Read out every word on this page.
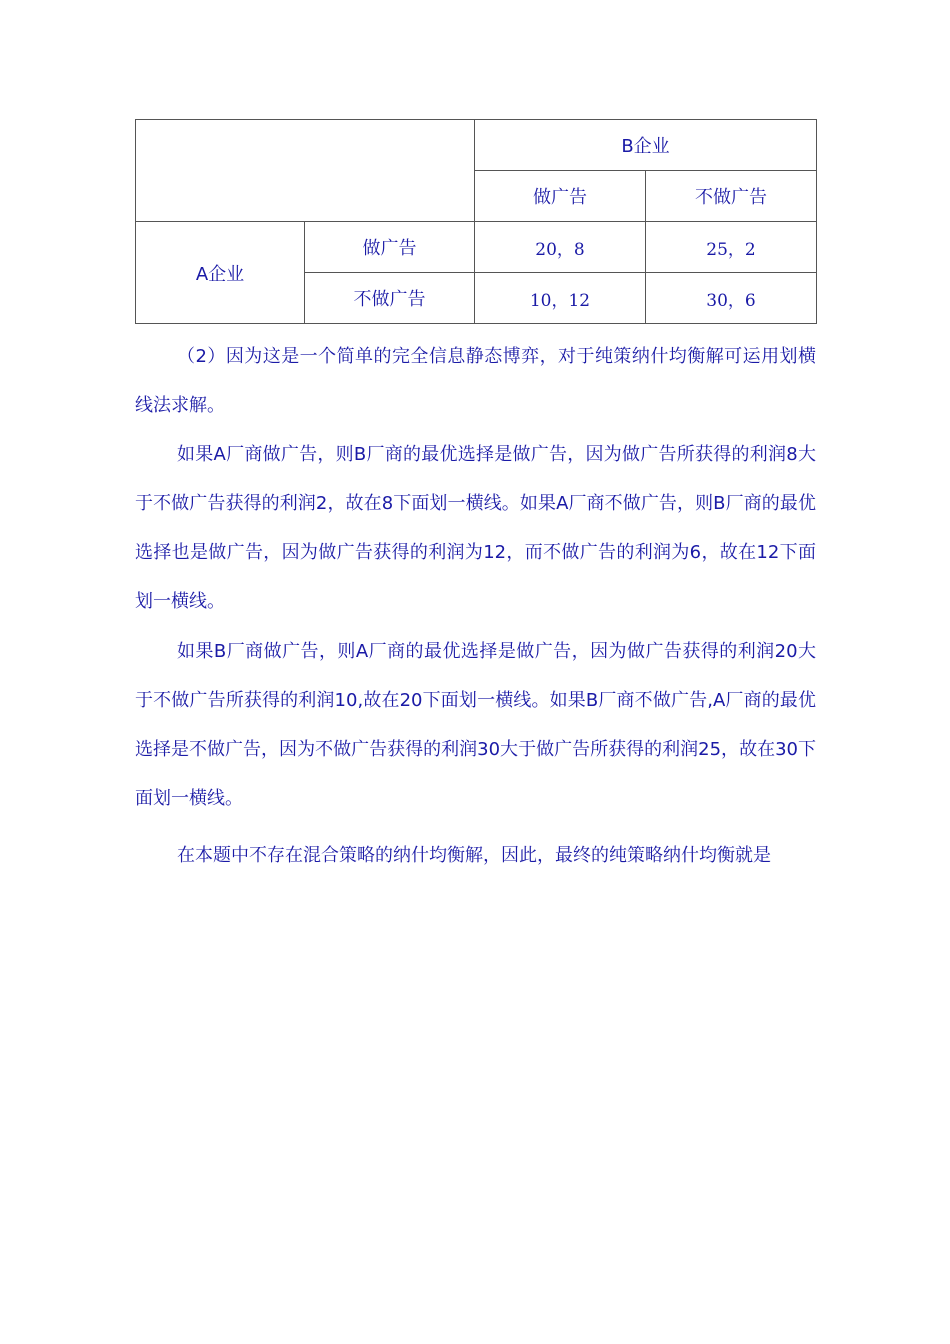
		B企业	
		做广告	不做广告
A企业	做广告	20，8	25，2
	不做广告	10，12	30，6

（2）因为这是一个简单的完全信息静态博弈，对于纯策纳什均衡解可运用划横线法求解。

如果A厂商做广告，则B厂商的最优选择是做广告，因为做广告所获得的利润8大于不做广告获得的利润2，故在8下面划一横线。如果A厂商不做广告，则B厂商的最优选择也是做广告，因为做广告获得的利润为12，而不做广告的利润为6，故在12下面划一横线。

如果B厂商做广告，则A厂商的最优选择是做广告，因为做广告获得的利润20大于不做广告所获得的利润10,故在20下面划一横线。如果B厂商不做广告,A厂商的最优选择是不做广告，因为不做广告获得的利润30大于做广告所获得的利润25，故在30下面划一横线。

在本题中不存在混合策略的纳什均衡解，因此，最终的纯策略纳什均衡就是
